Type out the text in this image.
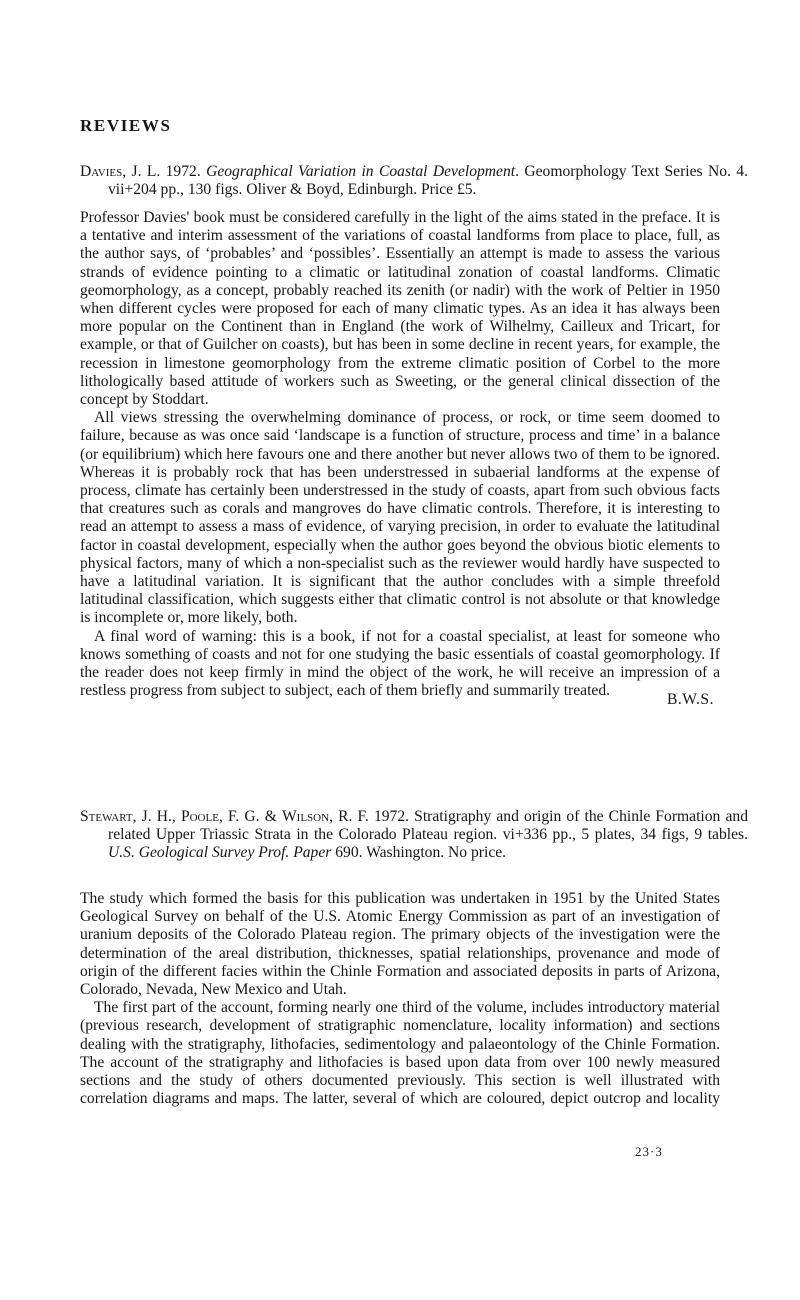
REVIEWS
Davies, J. L. 1972. Geographical Variation in Coastal Development. Geomorphology Text Series No. 4. vii+204 pp., 130 figs. Oliver & Boyd, Edinburgh. Price £5.

Professor Davies' book must be considered carefully in the light of the aims stated in the preface. It is a tentative and interim assessment of the variations of coastal landforms from place to place, full, as the author says, of ‘probables’ and ‘possibles’. Essentially an attempt is made to assess the various strands of evidence pointing to a climatic or latitudinal zonation of coastal landforms. Climatic geomorphology, as a concept, probably reached its zenith (or nadir) with the work of Peltier in 1950 when different cycles were proposed for each of many climatic types. As an idea it has always been more popular on the Continent than in England (the work of Wilhelmy, Cailleux and Tricart, for example, or that of Guilcher on coasts), but has been in some decline in recent years, for example, the recession in limestone geomorphology from the extreme climatic position of Corbel to the more lithologically based attitude of workers such as Sweeting, or the general clinical dissection of the concept by Stoddart.

All views stressing the overwhelming dominance of process, or rock, or time seem doomed to failure, because as was once said ‘landscape is a function of structure, process and time’ in a balance (or equilibrium) which here favours one and there another but never allows two of them to be ignored. Whereas it is probably rock that has been understressed in subaerial landforms at the expense of process, climate has certainly been understressed in the study of coasts, apart from such obvious facts that creatures such as corals and mangroves do have climatic controls. Therefore, it is interesting to read an attempt to assess a mass of evidence, of varying precision, in order to evaluate the latitudinal factor in coastal development, especially when the author goes beyond the obvious biotic elements to physical factors, many of which a non-specialist such as the reviewer would hardly have suspected to have a latitudinal variation. It is significant that the author concludes with a simple threefold latitudinal classification, which suggests either that climatic control is not absolute or that knowledge is incomplete or, more likely, both.

A final word of warning: this is a book, if not for a coastal specialist, at least for someone who knows something of coasts and not for one studying the basic essentials of coastal geomorphology. If the reader does not keep firmly in mind the object of the work, he will receive an impression of a restless progress from subject to subject, each of them briefly and summarily treated.

B.W.S.
Stewart, J. H., Poole, F. G. & Wilson, R. F. 1972. Stratigraphy and origin of the Chinle Formation and related Upper Triassic Strata in the Colorado Plateau region. vi+336 pp., 5 plates, 34 figs, 9 tables. U.S. Geological Survey Prof. Paper 690. Washington. No price.

The study which formed the basis for this publication was undertaken in 1951 by the United States Geological Survey on behalf of the U.S. Atomic Energy Commission as part of an investigation of uranium deposits of the Colorado Plateau region. The primary objects of the investigation were the determination of the areal distribution, thicknesses, spatial relationships, provenance and mode of origin of the different facies within the Chinle Formation and associated deposits in parts of Arizona, Colorado, Nevada, New Mexico and Utah.

The first part of the account, forming nearly one third of the volume, includes introductory material (previous research, development of stratigraphic nomenclature, locality information) and sections dealing with the stratigraphy, lithofacies, sedimentology and palaeontology of the Chinle Formation. The account of the stratigraphy and lithofacies is based upon data from over 100 newly measured sections and the study of others documented previously. This section is well illustrated with correlation diagrams and maps. The latter, several of which are coloured, depict outcrop and locality

23·3
